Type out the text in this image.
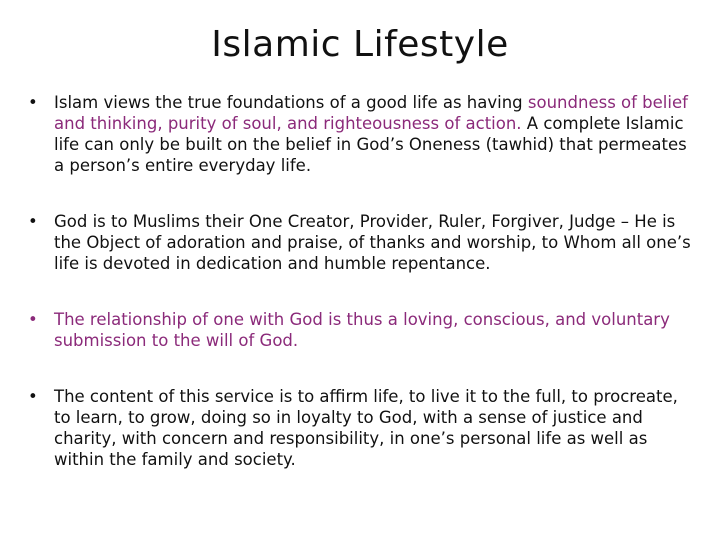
Islamic Lifestyle
• Islam views the true foundations of a good life as having soundness of belief and thinking, purity of soul, and righteousness of action. A complete Islamic life can only be built on the belief in God’s Oneness (tawhid) that permeates a person’s entire everyday life.
• God is to Muslims their One Creator, Provider, Ruler, Forgiver, Judge – He is the Object of adoration and praise, of thanks and worship, to Whom all one’s life is devoted in dedication and humble repentance.
• The relationship of one with God is thus a loving, conscious, and voluntary submission to the will of God.
• The content of this service is to affirm life, to live it to the full, to procreate, to learn, to grow, doing so in loyalty to God, with a sense of justice and charity, with concern and responsibility, in one’s personal life as well as within the family and society.
